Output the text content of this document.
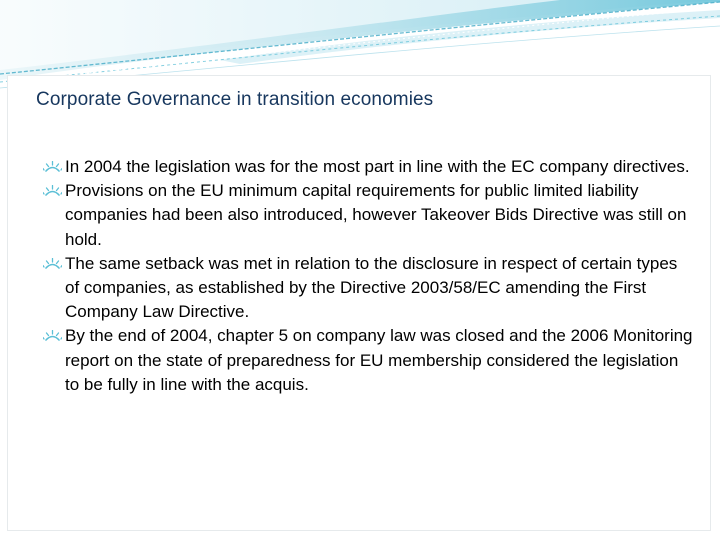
Corporate Governance in transition economies
In 2004 the legislation was for the most part in line with the EC company directives.
Provisions on the EU minimum capital requirements for public limited liability companies had been also introduced, however Takeover Bids Directive was still on hold.
The same setback was met in relation to the disclosure in respect of certain types of companies, as established by the Directive 2003/58/EC amending the First Company Law Directive.
By the end of 2004, chapter 5 on company law was closed and the 2006 Monitoring report on the state of preparedness for EU membership considered the legislation to be fully in line with the acquis.
